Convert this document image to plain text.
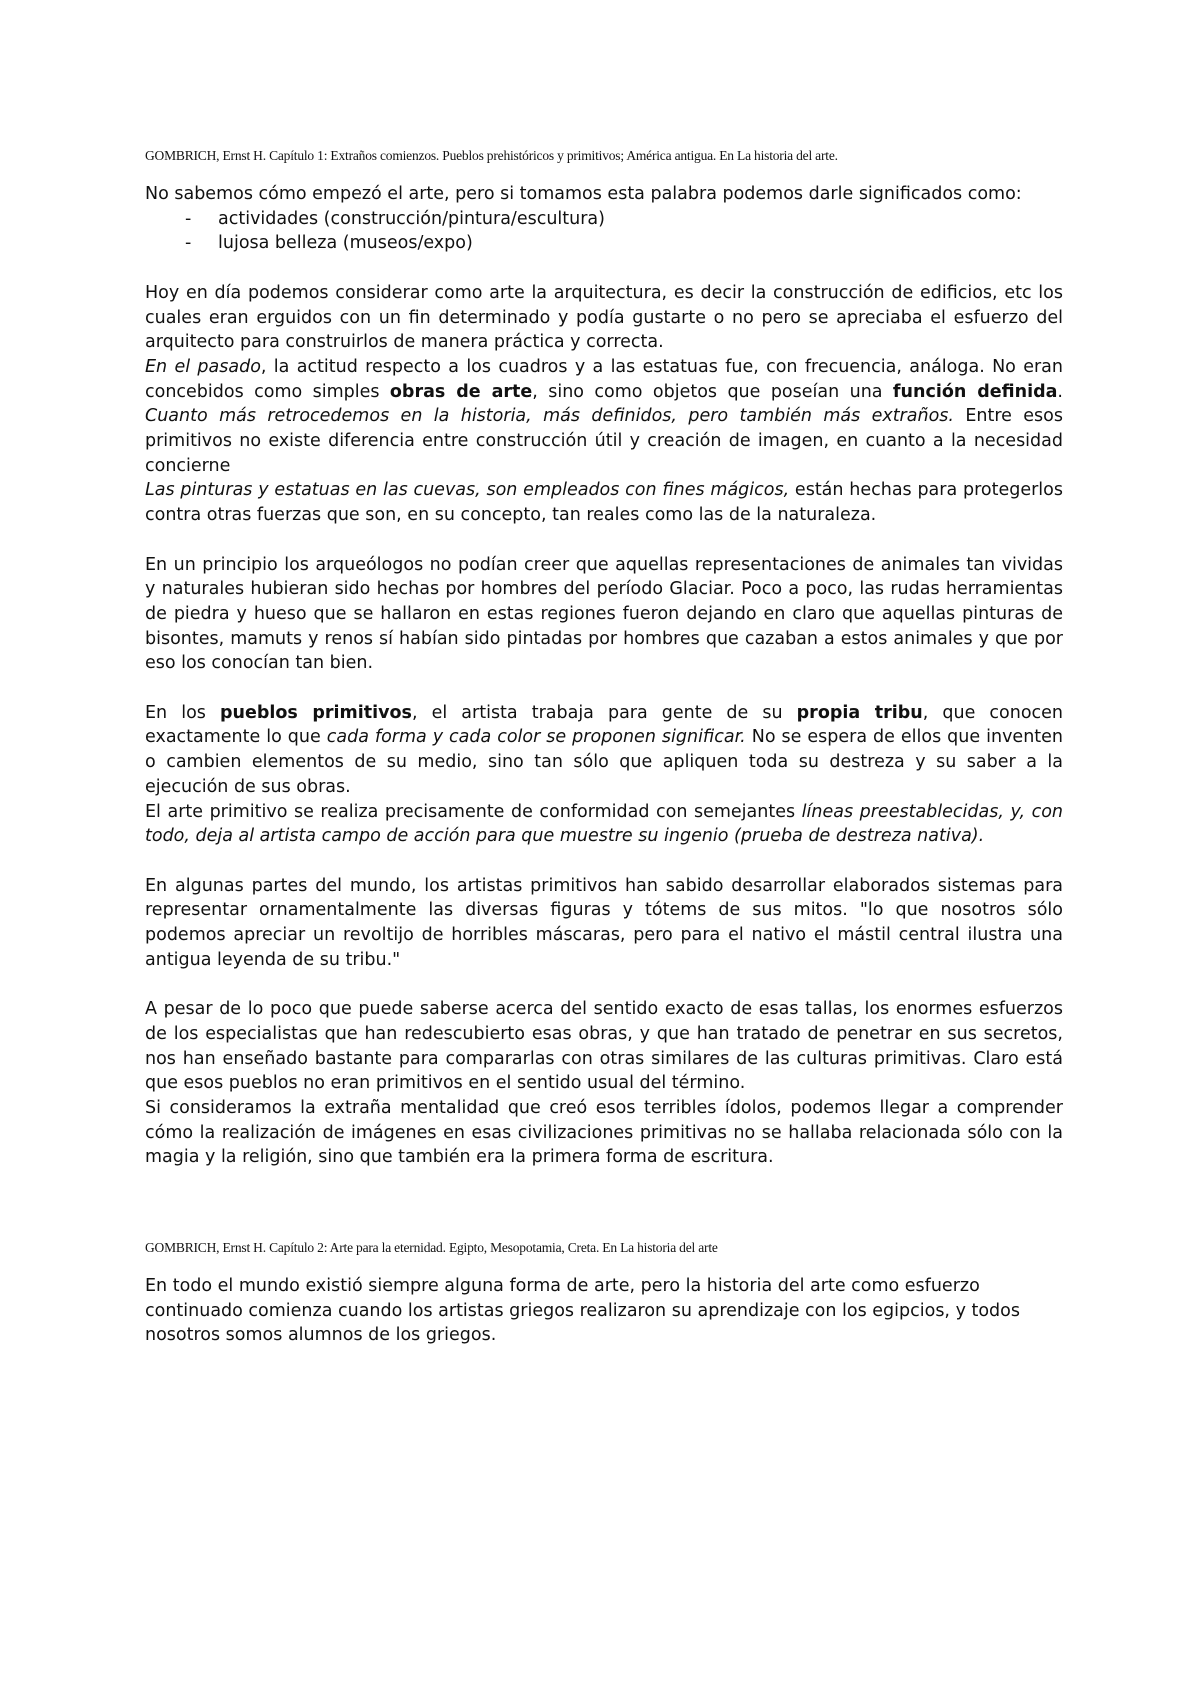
GOMBRICH, Ernst H. Capítulo 1: Extraños comienzos. Pueblos prehistóricos y primitivos; América antigua. En La historia del arte.

No sabemos cómo empezó el arte, pero si tomamos esta palabra podemos darle significados como:

- actividades (construcción/pintura/escultura)
- lujosa belleza (museos/expo)

Hoy en día podemos considerar como arte la arquitectura, es decir la construcción de edificios, etc los cuales eran erguidos con un fin determinado y podía gustarte o no pero se apreciaba el esfuerzo del arquitecto para construirlos de manera práctica y correcta.

En el pasado, la actitud respecto a los cuadros y a las estatuas fue, con frecuencia, análoga. No eran concebidos como simples obras de arte, sino como objetos que poseían una función definida. Cuanto más retrocedemos en la historia, más definidos, pero también más extraños. Entre esos primitivos no existe diferencia entre construcción útil y creación de imagen, en cuanto a la necesidad concierne

Las pinturas y estatuas en las cuevas, son empleados con fines mágicos, están hechas para protegerlos contra otras fuerzas que son, en su concepto, tan reales como las de la naturaleza.

En un principio los arqueólogos no podían creer que aquellas representaciones de animales tan vividas y naturales hubieran sido hechas por hombres del período Glaciar. Poco a poco, las rudas herramientas de piedra y hueso que se hallaron en estas regiones fueron dejando en claro que aquellas pinturas de bisontes, mamuts y renos sí habían sido pintadas por hombres que cazaban a estos animales y que por eso los conocían tan bien.

En los pueblos primitivos, el artista trabaja para gente de su propia tribu, que conocen exactamente lo que cada forma y cada color se proponen significar. No se espera de ellos que inventen o cambien elementos de su medio, sino tan sólo que apliquen toda su destreza y su saber a la ejecución de sus obras.

El arte primitivo se realiza precisamente de conformidad con semejantes líneas preestablecidas, y, con todo, deja al artista campo de acción para que muestre su ingenio (prueba de destreza nativa).

En algunas partes del mundo, los artistas primitivos han sabido desarrollar elaborados sistemas para representar ornamentalmente las diversas figuras y tótems de sus mitos. "lo que nosotros sólo podemos apreciar un revoltijo de horribles máscaras, pero para el nativo el mástil central ilustra una antigua leyenda de su tribu."

A pesar de lo poco que puede saberse acerca del sentido exacto de esas tallas, los enormes esfuerzos de los especialistas que han redescubierto esas obras, y que han tratado de penetrar en sus secretos, nos han enseñado bastante para compararlas con otras similares de las culturas primitivas. Claro está que esos pueblos no eran primitivos en el sentido usual del término.

Si consideramos la extraña mentalidad que creó esos terribles ídolos, podemos llegar a comprender cómo la realización de imágenes en esas civilizaciones primitivas no se hallaba relacionada sólo con la magia y la religión, sino que también era la primera forma de escritura.

GOMBRICH, Ernst H. Capítulo 2: Arte para la eternidad. Egipto, Mesopotamia, Creta. En La historia del arte

En todo el mundo existió siempre alguna forma de arte, pero la historia del arte como esfuerzo continuado comienza cuando los artistas griegos realizaron su aprendizaje con los egipcios, y todos nosotros somos alumnos de los griegos.
